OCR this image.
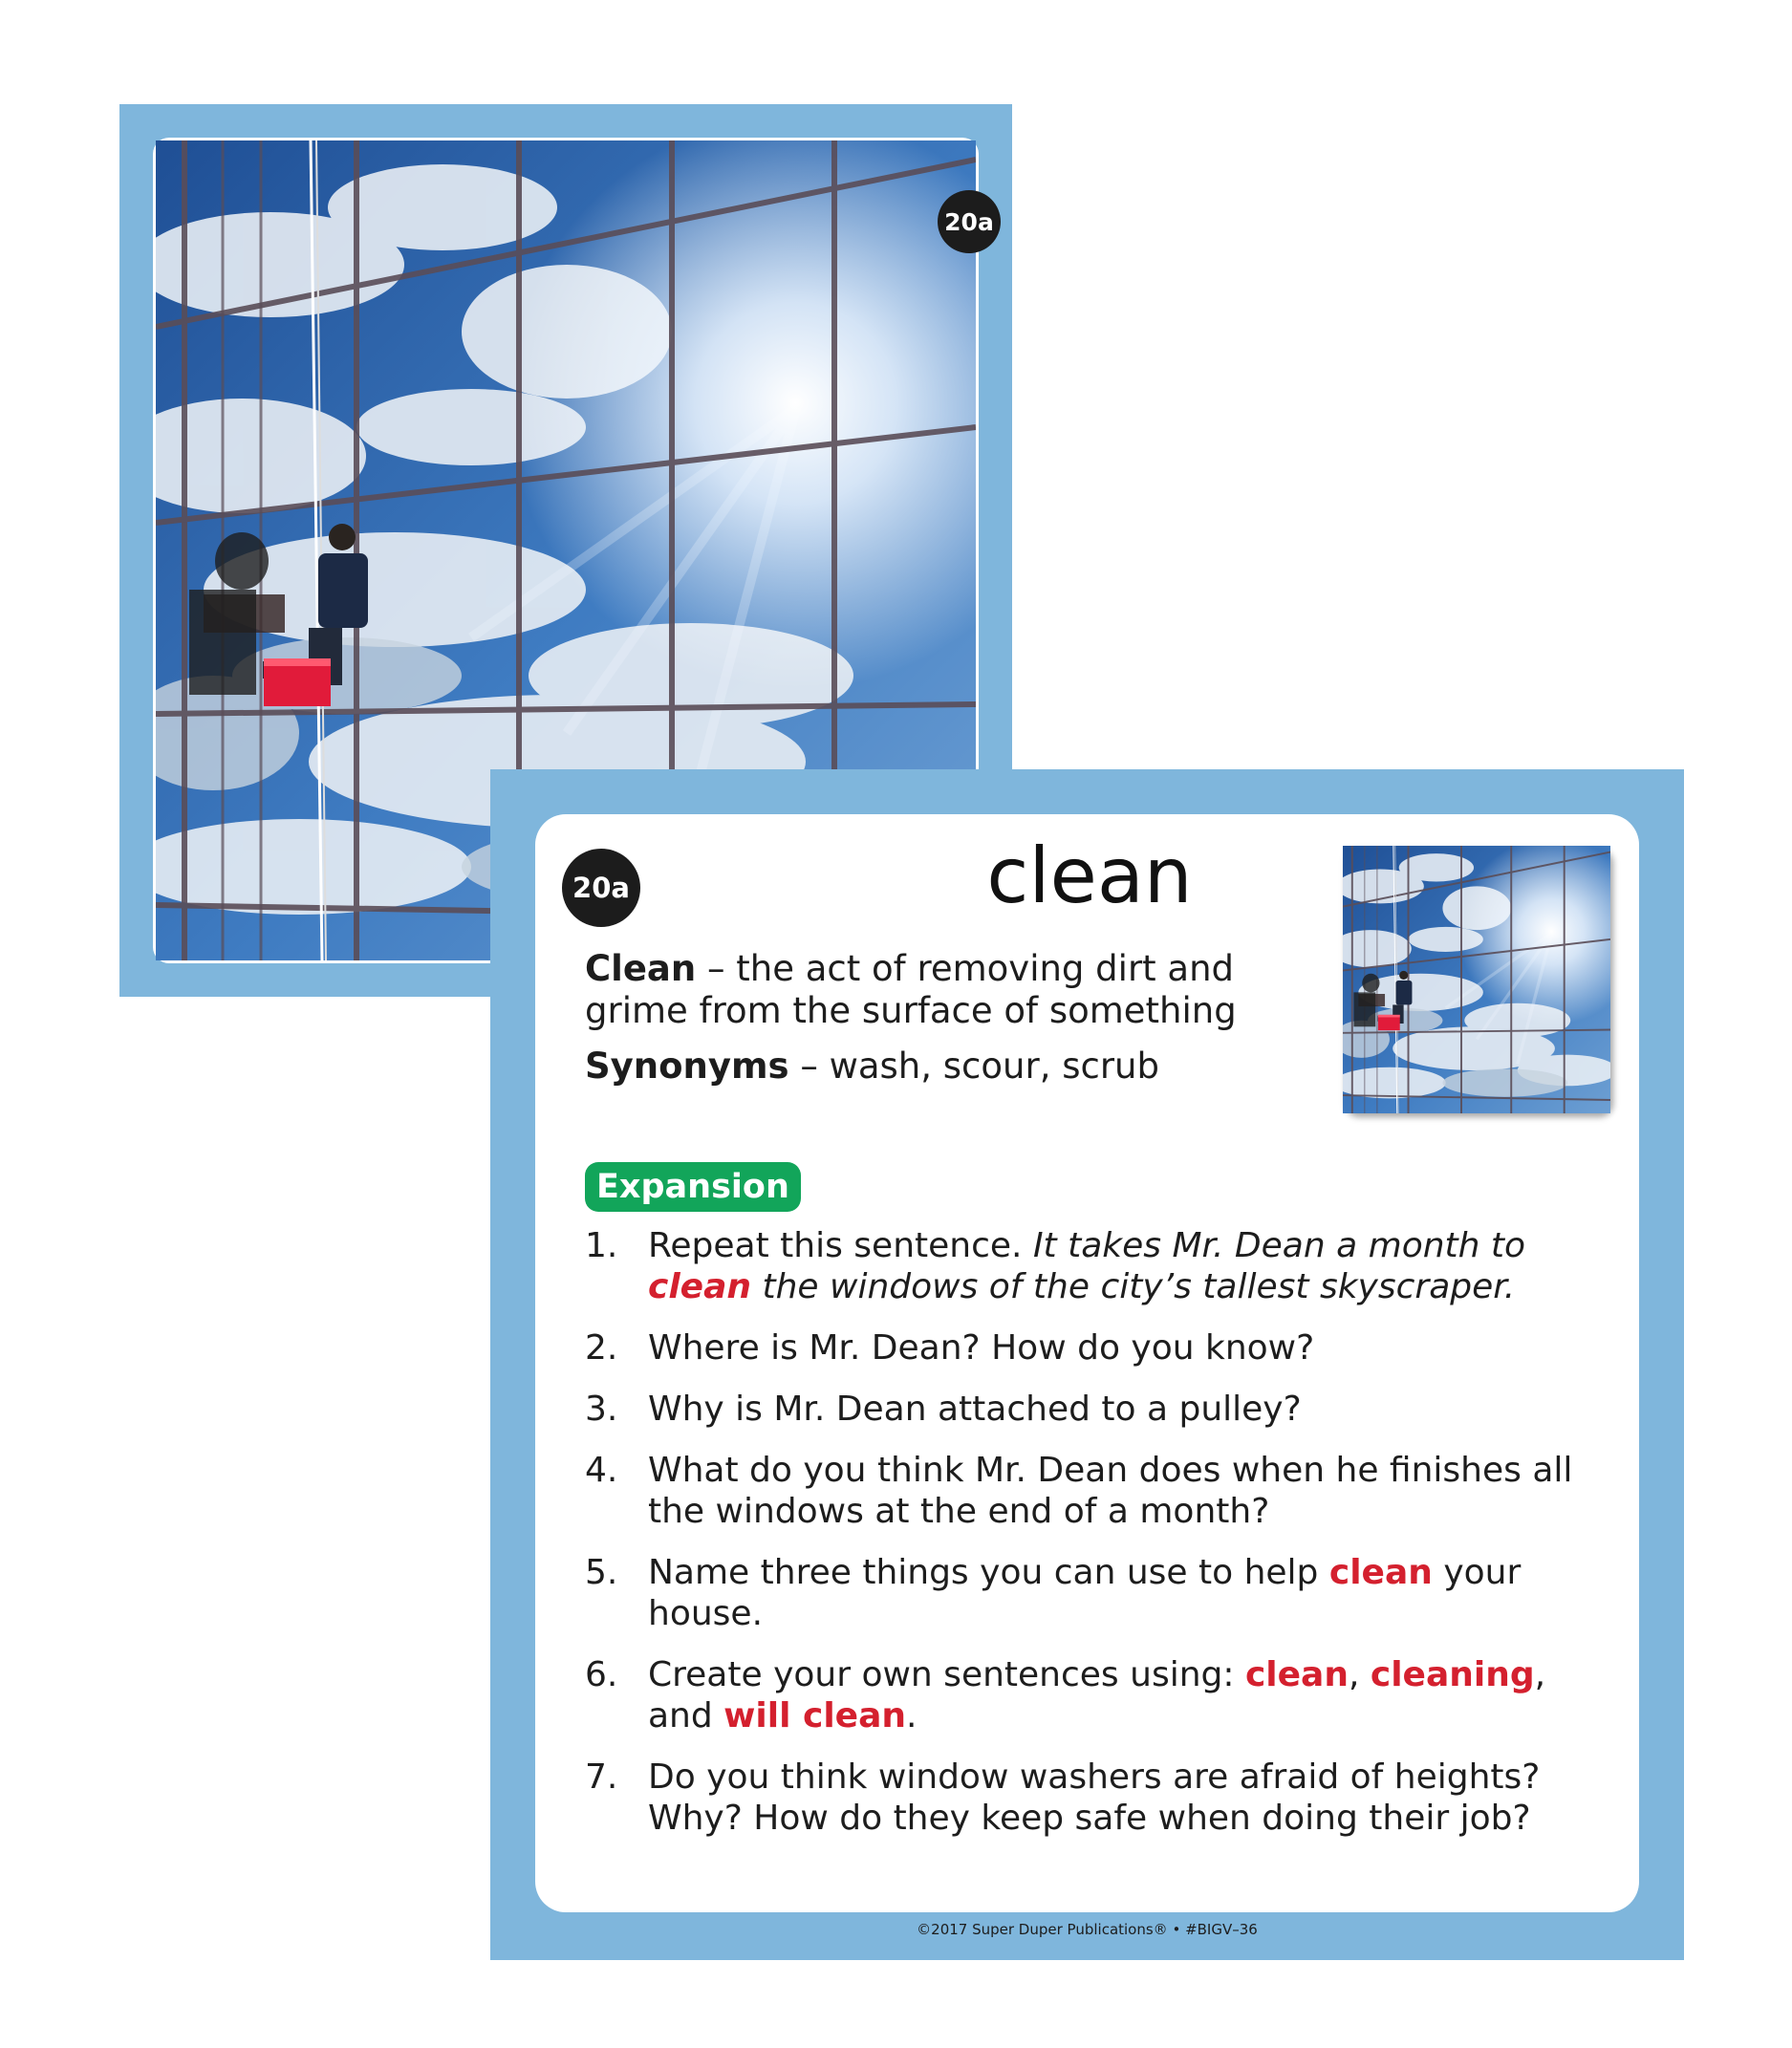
20a
20a	clean
Clean – the act of removing dirt and grime from the surface of something
Synonyms – wash, scour, scrub
Expansion
1. Repeat this sentence. It takes Mr. Dean a month to clean the windows of the city’s tallest skyscraper.
2. Where is Mr. Dean? How do you know?
3. Why is Mr. Dean attached to a pulley?
4. What do you think Mr. Dean does when he finishes all the windows at the end of a month?
5. Name three things you can use to help clean your house.
6. Create your own sentences using: clean, cleaning, and will clean.
7. Do you think window washers are afraid of heights? Why? How do they keep safe when doing their job?
©2017 Super Duper Publications® • #BIGV–36
